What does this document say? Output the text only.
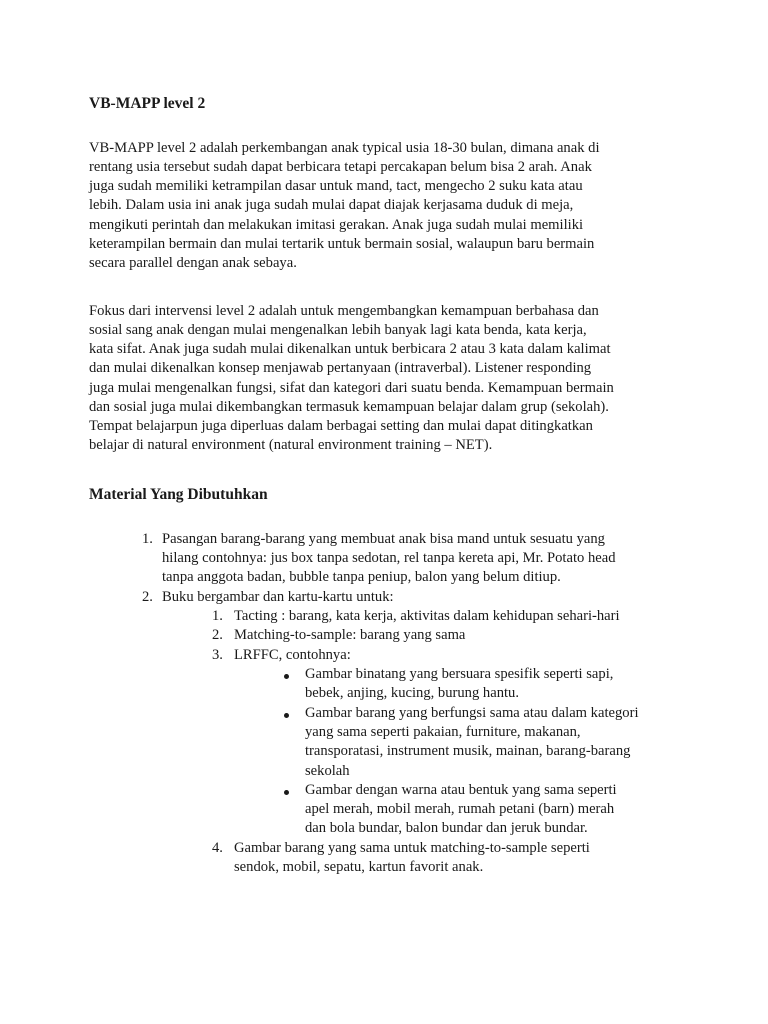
VB-MAPP level 2

VB-MAPP level 2 adalah perkembangan anak typical usia 18-30 bulan, dimana anak di

rentang usia tersebut sudah dapat berbicara tetapi percakapan belum bisa 2 arah. Anak

juga sudah memiliki ketrampilan dasar untuk mand, tact, mengecho 2 suku kata atau

lebih. Dalam usia ini anak juga sudah mulai dapat diajak kerjasama duduk di meja,

mengikuti perintah dan melakukan imitasi gerakan. Anak juga sudah mulai memiliki

keterampilan bermain dan mulai tertarik untuk bermain sosial, walaupun baru bermain

secara parallel dengan anak sebaya.

Fokus dari intervensi level 2 adalah untuk mengembangkan kemampuan berbahasa dan

sosial sang anak dengan mulai mengenalkan lebih banyak lagi kata benda, kata kerja,

kata sifat. Anak juga sudah mulai dikenalkan untuk berbicara 2 atau 3 kata dalam kalimat

dan mulai dikenalkan konsep menjawab pertanyaan (intraverbal). Listener responding

juga mulai mengenalkan fungsi, sifat dan kategori dari suatu benda. Kemampuan bermain

dan sosial juga mulai dikembangkan termasuk kemampuan belajar dalam grup (sekolah).

Tempat belajarpun juga diperluas dalam berbagai setting dan mulai dapat ditingkatkan

belajar di natural environment (natural environment training – NET).

Material Yang Dibutuhkan
1. Pasangan barang-barang yang membuat anak bisa mand untuk sesuatu yang

hilang contohnya: jus box tanpa sedotan, rel tanpa kereta api, Mr. Potato head

tanpa anggota badan, bubble tanpa peniup, balon yang belum ditiup.

2. Buku bergambar dan kartu-kartu untuk:

1. Tacting : barang, kata kerja, aktivitas dalam kehidupan sehari-hari

2. Matching-to-sample: barang yang sama

3. LRFFC, contohnya:

Gambar binatang yang bersuara spesifik seperti sapi,

bebek, anjing, kucing, burung hantu.

Gambar barang yang berfungsi sama atau dalam kategori

yang sama seperti pakaian, furniture, makanan,

transporatasi, instrument musik, mainan, barang-barang

sekolah

Gambar dengan warna atau bentuk yang sama seperti

apel merah, mobil merah, rumah petani (barn) merah

dan bola bundar, balon bundar dan jeruk bundar.

4. Gambar barang yang sama untuk matching-to-sample seperti

sendok, mobil, sepatu, kartun favorit anak.
